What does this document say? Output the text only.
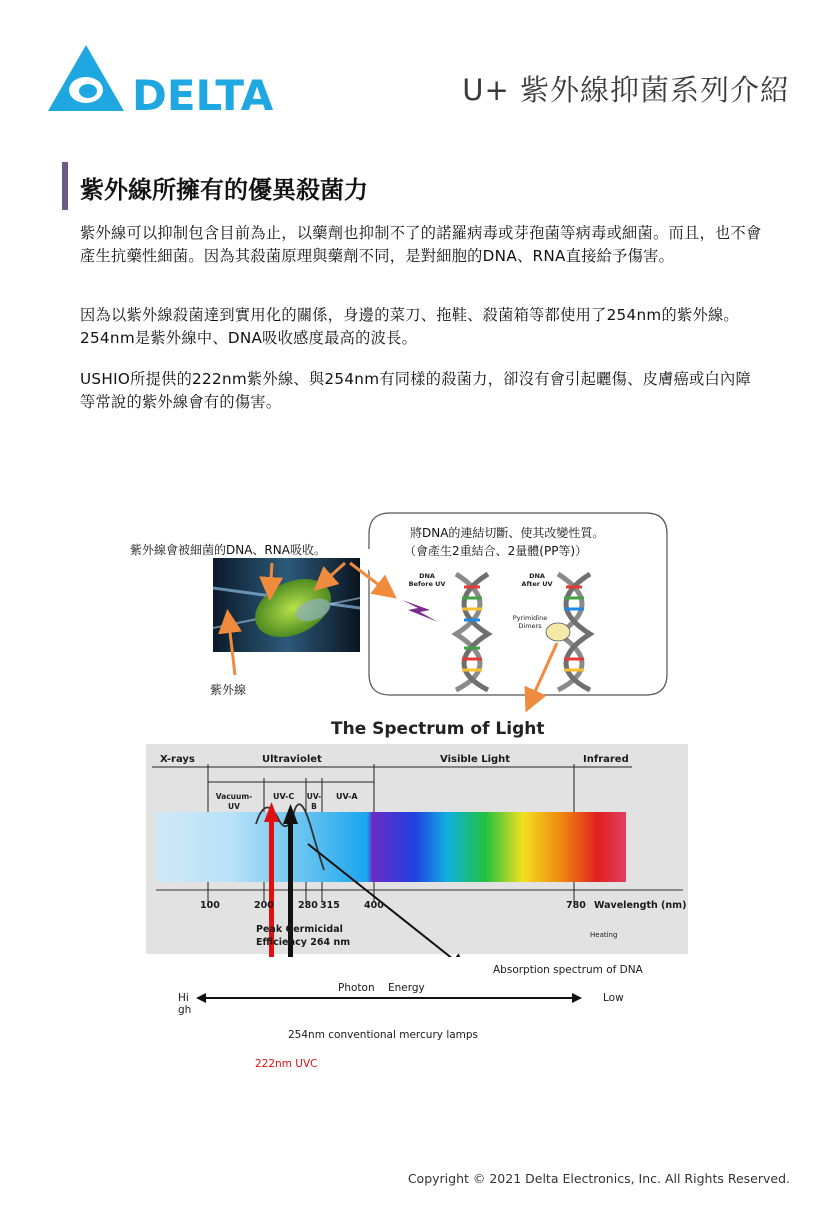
DELTA	U+ 紫外線抑菌系列介紹
紫外線所擁有的優異殺菌力
紫外線可以抑制包含目前為止，以藥劑也抑制不了的諾羅病毒或芽孢菌等病毒或細菌。而且，也不會產生抗藥性細菌。因為其殺菌原理與藥劑不同，是對細胞的DNA、RNA直接給予傷害。
因為以紫外線殺菌達到實用化的關係，身邊的菜刀、拖鞋、殺菌箱等都使用了254nm的紫外線。254nm是紫外線中、DNA吸收感度最高的波長。
USHIO所提供的222nm紫外線、與254nm有同樣的殺菌力，卻沒有會引起曬傷、皮膚癌或白內障等常說的紫外線會有的傷害。
紫外線會被細菌的DNA、RNA吸收。
紫外線
將DNA的連結切斷、使其改變性質。
（會產生2重結合、2量體(PP等)）
DNA
Before UV
DNA
After UV
Pyrimidine
Dimers
The Spectrum of Light
X-rays	Ultraviolet	Visible Light	Infrared
Vacuum-UV
UV-C UV-B
UV-A
100	200	280 315	400	780 Wavelength (nm)
Peak Germicidal
Efficiency 264 nm
Heating
Absorption spectrum of DNA
Photon    Energy
High
Low
254nm conventional mercury lamps
222nm UVC
Copyright © 2021 Delta Electronics, Inc. All Rights Reserved.
